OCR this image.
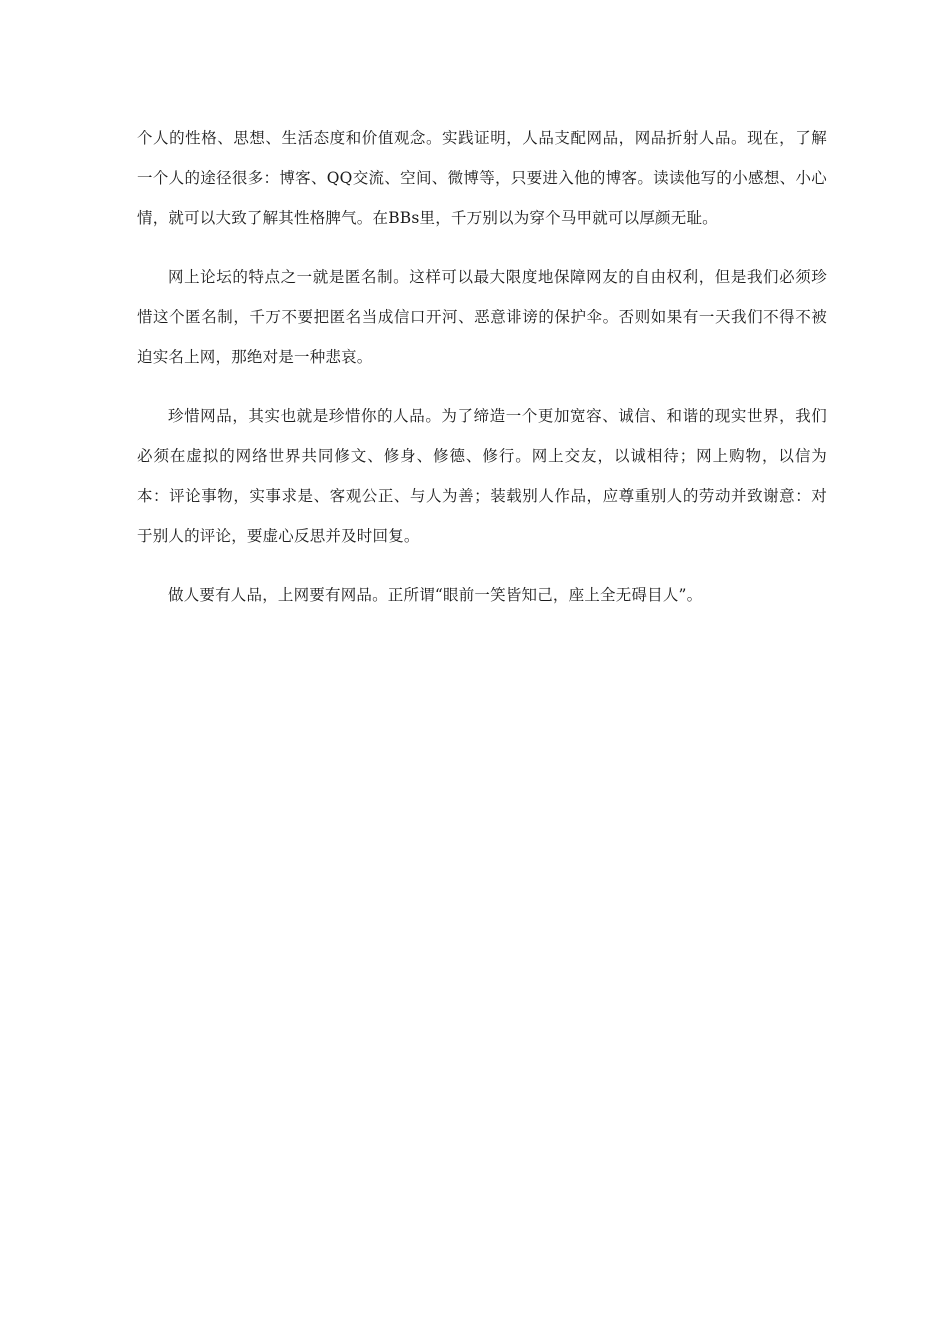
个人的性格、思想、生活态度和价值观念。实践证明，人品支配网品，网品折射人品。现在，了解一个人的途径很多：博客、QQ交流、空间、微博等，只要进入他的博客。读读他写的小感想、小心情，就可以大致了解其性格脾气。在BBs里，千万别以为穿个马甲就可以厚颜无耻。

网上论坛的特点之一就是匿名制。这样可以最大限度地保障网友的自由权利，但是我们必须珍惜这个匿名制，千万不要把匿名当成信口开河、恶意诽谤的保护伞。否则如果有一天我们不得不被迫实名上网，那绝对是一种悲哀。

珍惜网品，其实也就是珍惜你的人品。为了缔造一个更加宽容、诚信、和谐的现实世界，我们必须在虚拟的网络世界共同修文、修身、修德、修行。网上交友，以诚相待；网上购物，以信为本：评论事物，实事求是、客观公正、与人为善；装载别人作品，应尊重别人的劳动并致谢意：对于别人的评论，要虚心反思并及时回复。

做人要有人品，上网要有网品。正所谓“眼前一笑皆知己，座上全无碍目人”。
